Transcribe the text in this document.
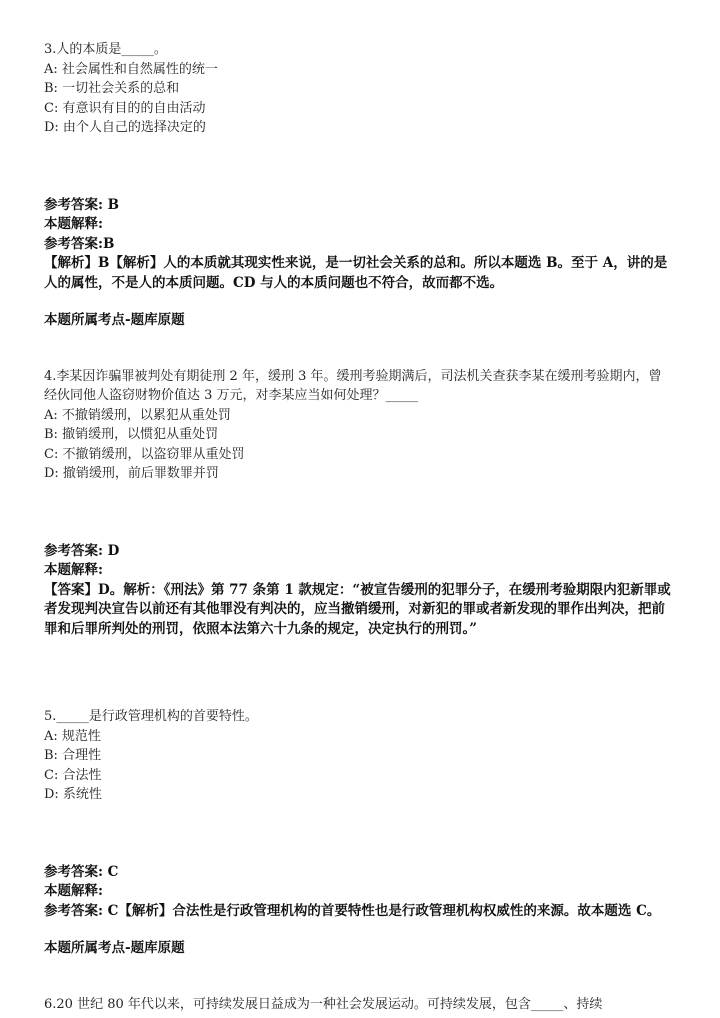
3.人的本质是_____。
A: 社会属性和自然属性的统一
B: 一切社会关系的总和
C: 有意识有目的的自由活动
D: 由个人自己的选择决定的
参考答案: B
本题解释:
参考答案:B
【解析】B【解析】人的本质就其现实性来说，是一切社会关系的总和。所以本题选 B。至于 A，讲的是人的属性，不是人的本质问题。CD 与人的本质问题也不符合，故而都不选。
本题所属考点-题库原题
4.李某因诈骗罪被判处有期徒刑 2 年，缓刑 3 年。缓刑考验期满后，司法机关查获李某在缓刑考验期内，曾经伙同他人盗窃财物价值达 3 万元，对李某应当如何处理？_____
A: 不撤销缓刑，以累犯从重处罚
B: 撤销缓刑，以惯犯从重处罚
C: 不撤销缓刑，以盗窃罪从重处罚
D: 撤销缓刑，前后罪数罪并罚
参考答案: D
本题解释:
【答案】D。解析：《刑法》第 77 条第 1 款规定：“被宣告缓刑的犯罪分子，在缓刑考验期限内犯新罪或者发现判决宣告以前还有其他罪没有判决的，应当撤销缓刑，对新犯的罪或者新发现的罪作出判决，把前罪和后罪所判处的刑罚，依照本法第六十九条的规定，决定执行的刑罚。”
5._____是行政管理机构的首要特性。
A: 规范性
B: 合理性
C: 合法性
D: 系统性
参考答案: C
本题解释:
参考答案: C【解析】合法性是行政管理机构的首要特性也是行政管理机构权威性的来源。故本题选 C。
本题所属考点-题库原题
6.20 世纪 80 年代以来，可持续发展日益成为一种社会发展运动。可持续发展，包含_____、持续
